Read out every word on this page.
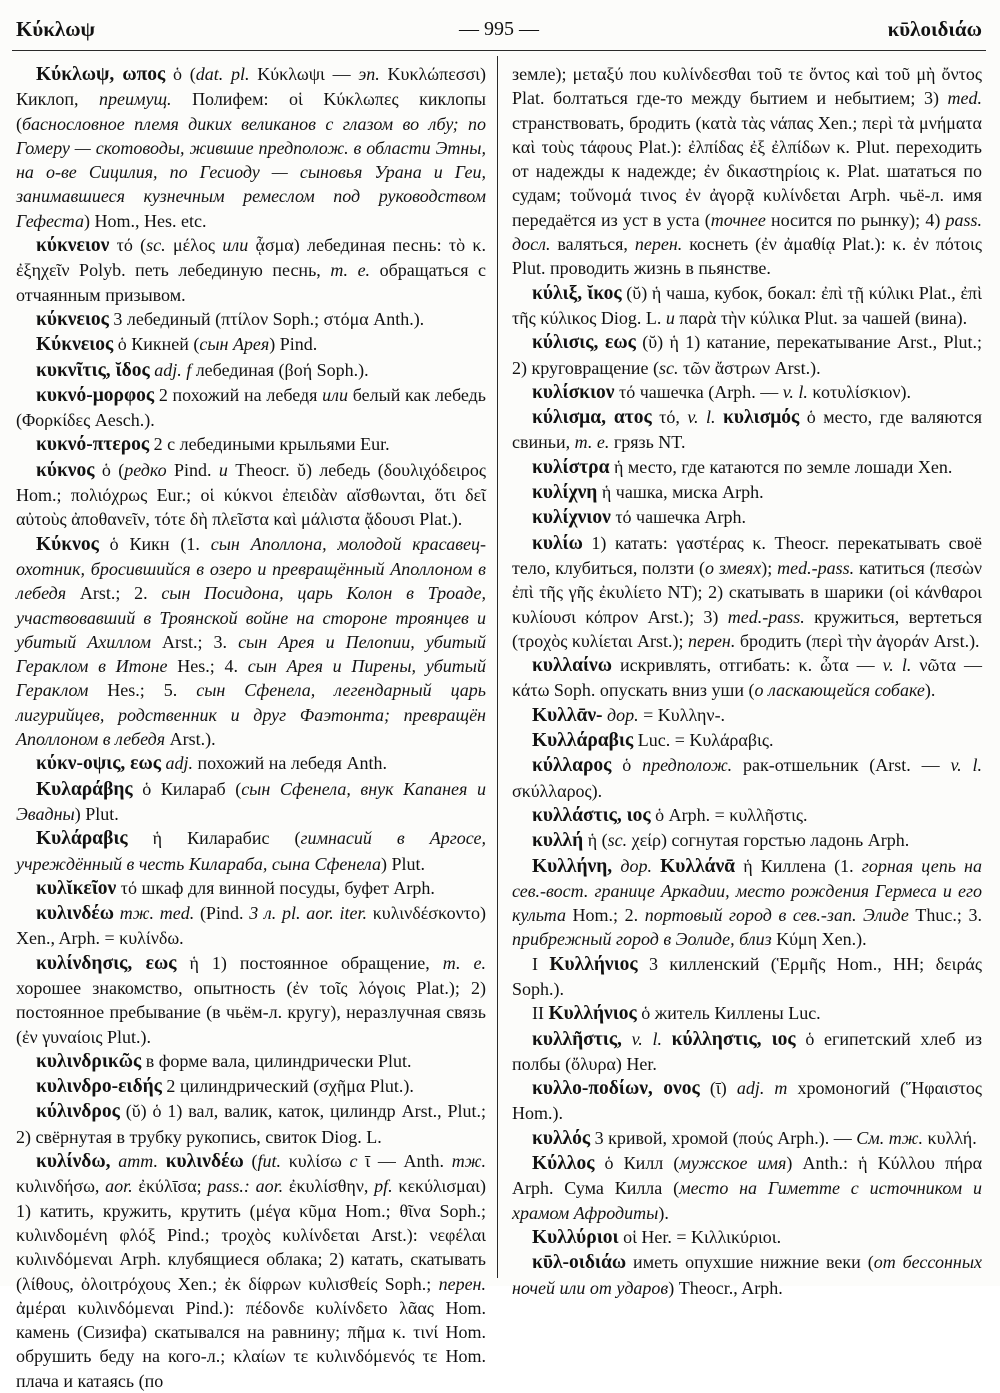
Κύκλωψ	κῡλοιδιάω
— 995 —

Κύκλωψ, ωπος ὁ (dat. pl. Κύκλωψι — эп. Κυκλώπεσσι) Киклоп, преимущ. Полифем: οἱ Κύκλωπες киклопы (баснословное племя диких великанов с глазом во лбу; по Гомеру — скотоводы, жившие предполож. в области Этны, на о-ве Сицилия, по Гесиоду — сыновья Урана и Геи, занимавшиеся кузнечным ремеслом под руководством Гефеста) Hom., Hes. etc.

κύκνειον τό (sc. μέλος или ᾆσμα) лебединая песнь: τὸ κ. ἐξηχεῖν Polyb. петь лебединую песнь, т. е. обращаться с отчаянным призывом.

κύκνειος 3 лебединый (πτίλον Soph.; στόμα Anth.).

Κύκνειος ὁ Кикней (сын Арея) Pind.

κυκνῖτις, ῐδος adj. f лебединая (βοή Soph.).

κυκνό-μορφος 2 похожий на лебедя или белый как лебедь (Φορκίδες Aesch.).

κυκνό-πτερος 2 с лебедиными крыльями Eur.

κύκνος ὁ (редко Pind. и Theocr. ῠ) лебедь (δουλιχόδειρος Hom.; πολιόχρως Eur.; οἱ κύκνοι ἐπειδὰν αἴσθωνται, ὅτι δεῖ αὐτοὺς ἀποθανεῖν, τότε δὴ πλεῖστα καὶ μάλιστα ᾄδουσι Plat.).

Κύκνος ὁ Кикн (1. сын Аполлона, молодой красавец-охотник, бросившийся в озеро и превращённый Аполлоном в лебедя Arst.; 2. сын Посидона, царь Колон в Троаде, участвовавший в Троянской войне на стороне троянцев и убитый Ахиллом Arst.; 3. сын Арея и Пелопии, убитый Гераклом в Итоне Hes.; 4. сын Арея и Пирены, убитый Гераклом Hes.; 5. сын Сфенела, легендарный царь лигурийцев, родственник и друг Фаэтонта; превращён Аполлоном в лебедя Arst.).

κύκν-οψις, εως adj. похожий на лебедя Anth.

Κυλαράβης ὁ Килараб (сын Сфенела, внук Капанея и Эвадны) Plut.

Κυλάραβις ἡ Киларабис (гимнасий в Аргосе, учреждённый в честь Килараба, сына Сфенела) Plut.

κυλῐκεῖον τό шкаф для винной посуды, буфет Arph.

κυλινδέω тж. med. (Pind. 3 л. pl. aor. iter. κυλινδέσκοντο) Xen., Arph. = κυλίνδω.

κυλίνδησις, εως ἡ 1) постоянное обращение, т. е. хорошее знакомство, опытность (ἐν τοῖς λόγοις Plat.); 2) постоянное пребывание (в чьём-л. кругу), неразлучная связь (ἐν γυναίοις Plut.).

κυλινδρικῶς в форме вала, цилиндрически Plut.

κυλινδρο-ειδής 2 цилиндрический (σχῆμα Plut.).

κύλινδρος (ῠ) ὁ 1) вал, валик, каток, цилиндр Arst., Plut.; 2) свёрнутая в трубку рукопись, свиток Diog. L.

κυλίνδω, атт. κυλινδέω (fut. κυλίσω с ῑ — Anth. тж. κυλινδήσω, aor. ἐκύλῑσα; pass.: aor. ἐκυλίσθην, pf. κεκύλισμαι) 1) катить, кружить, крутить (μέγα κῦμα Hom.; θῖνα Soph.; κυλινδομένη φλόξ Pind.; τροχὸς κυλίνδεται Arst.): νεφέλαι κυλινδόμεναι Arph. клубящиеся облака; 2) катать, скатывать (λίθους, ὀλοιτρόχους Xen.; ἐκ δίφρων κυλισθείς Soph.; перен. ἀμέραι κυλινδόμεναι Pind.): πέδονδε κυλίνδετο λᾶας Hom. камень (Сизифа) скатывался на равнину; πῆμα κ. τινί Hom. обрушить беду на кого-л.; κλαίων τε κυλινδόμενός τε Hom. плача и катаясь (по

земле); μεταξύ που κυλίνδεσθαι τοῦ τε ὄντος καὶ τοῦ μὴ ὄντος Plat. болтаться где-то между бытием и небытием; 3) med. странствовать, бродить (κατὰ τὰς νάπας Xen.; περὶ τὰ μνήματα καὶ τοὺς τάφους Plat.): ἐλπίδας ἐξ ἐλπίδων κ. Plut. переходить от надежды к надежде; ἐν δικαστηρίοις κ. Plat. шататься по судам; τοὔνομά τινος ἐν ἀγορᾷ κυλίνδεται Arph. чьё-л. имя передаётся из уст в уста (точнее носится по рынку); 4) pass. досл. валяться, перен. коснеть (ἐν ἀμαθίᾳ Plat.): κ. ἐν πότοις Plut. проводить жизнь в пьянстве.

κύλιξ, ῐκος (ῠ) ἡ чаша, кубок, бокал: ἐπὶ τῇ κύλικι Plat., ἐπὶ τῆς κύλικος Diog. L. и παρὰ τὴν κύλικα Plut. за чашей (вина).

κύλισις, εως (ῠ) ἡ 1) катание, перекатывание Arst., Plut.; 2) круговращение (sc. τῶν ἄστρων Arst.).

κυλίσκιον τό чашечка (Arph. — v. l. κοτυλίσκιον).

κύλισμα, ατος τό, v. l. κυλισμός ὁ место, где валяются свиньи, т. е. грязь NT.

κυλίστρα ἡ место, где катаются по земле лошади Xen.

κυλίχνη ἡ чашка, миска Arph.

κυλίχνιον τό чашечка Arph.

κυλίω 1) катать: γαστέρας κ. Theocr. перекатывать своё тело, клубиться, ползти (о змеях); med.-pass. катиться (πεσὼν ἐπὶ τῆς γῆς ἐκυλίετο NT); 2) скатывать в шарики (οἱ κάνθαροι κυλίουσι κόπρον Arst.); 3) med.-pass. кружиться, вертеться (τροχὸς κυλίεται Arst.); перен. бродить (περὶ τὴν ἀγοράν Arst.).

κυλλαίνω искривлять, отгибать: κ. ὦτα — v. l. νῶτα — κάτω Soph. опускать вниз уши (о ласкающейся собаке).

Κυλλᾱν- дор. = Κυλλην-.

Κυλλάραβις Luc. = Κυλάραβις.

κύλλαρος ὁ предполож. рак-отшельник (Arst. — v. l. σκύλλαρος).

κυλλάστις, ιος ὁ Arph. = κυλλῆστις.

κυλλή ἡ (sc. χείρ) согнутая горстью ладонь Arph.

Κυλλήνη, дор. Κυλλάνᾱ ἡ Киллена (1. горная цепь на сев.-вост. границе Аркадии, место рождения Гермеса и его культа Hom.; 2. портовый город в сев.-зап. Элиде Thuc.; 3. прибрежный город в Эолиде, близ Κύμη Xen.).

I Κυλλήνιος 3 килленский (Ἑρμῆς Hom., HH; δειράς Soph.).

II Κυλλήνιος ὁ житель Киллены Luc.

κυλλῆστις, v. l. κύλληστις, ιος ὁ египетский хлеб из полбы (ὄλυρα) Her.

κυλλο-ποδίων, ονος (ῑ) adj. m хромоногий (Ἥφαιστος Hom.).

κυλλός 3 кривой, хромой (πούς Arph.). — См. тж. κυλλή.

Κύλλος ὁ Килл (мужское имя) Anth.: ἡ Κύλλου πήρα Arph. Сума Килла (место на Гиметте с источником и храмом Афродиты).

Κυλλύριοι οἱ Her. = Κιλλικύριοι.

κῡλ-οιδιάω иметь опухшие нижние веки (от бессонных ночей или от ударов) Theocr., Arph.
